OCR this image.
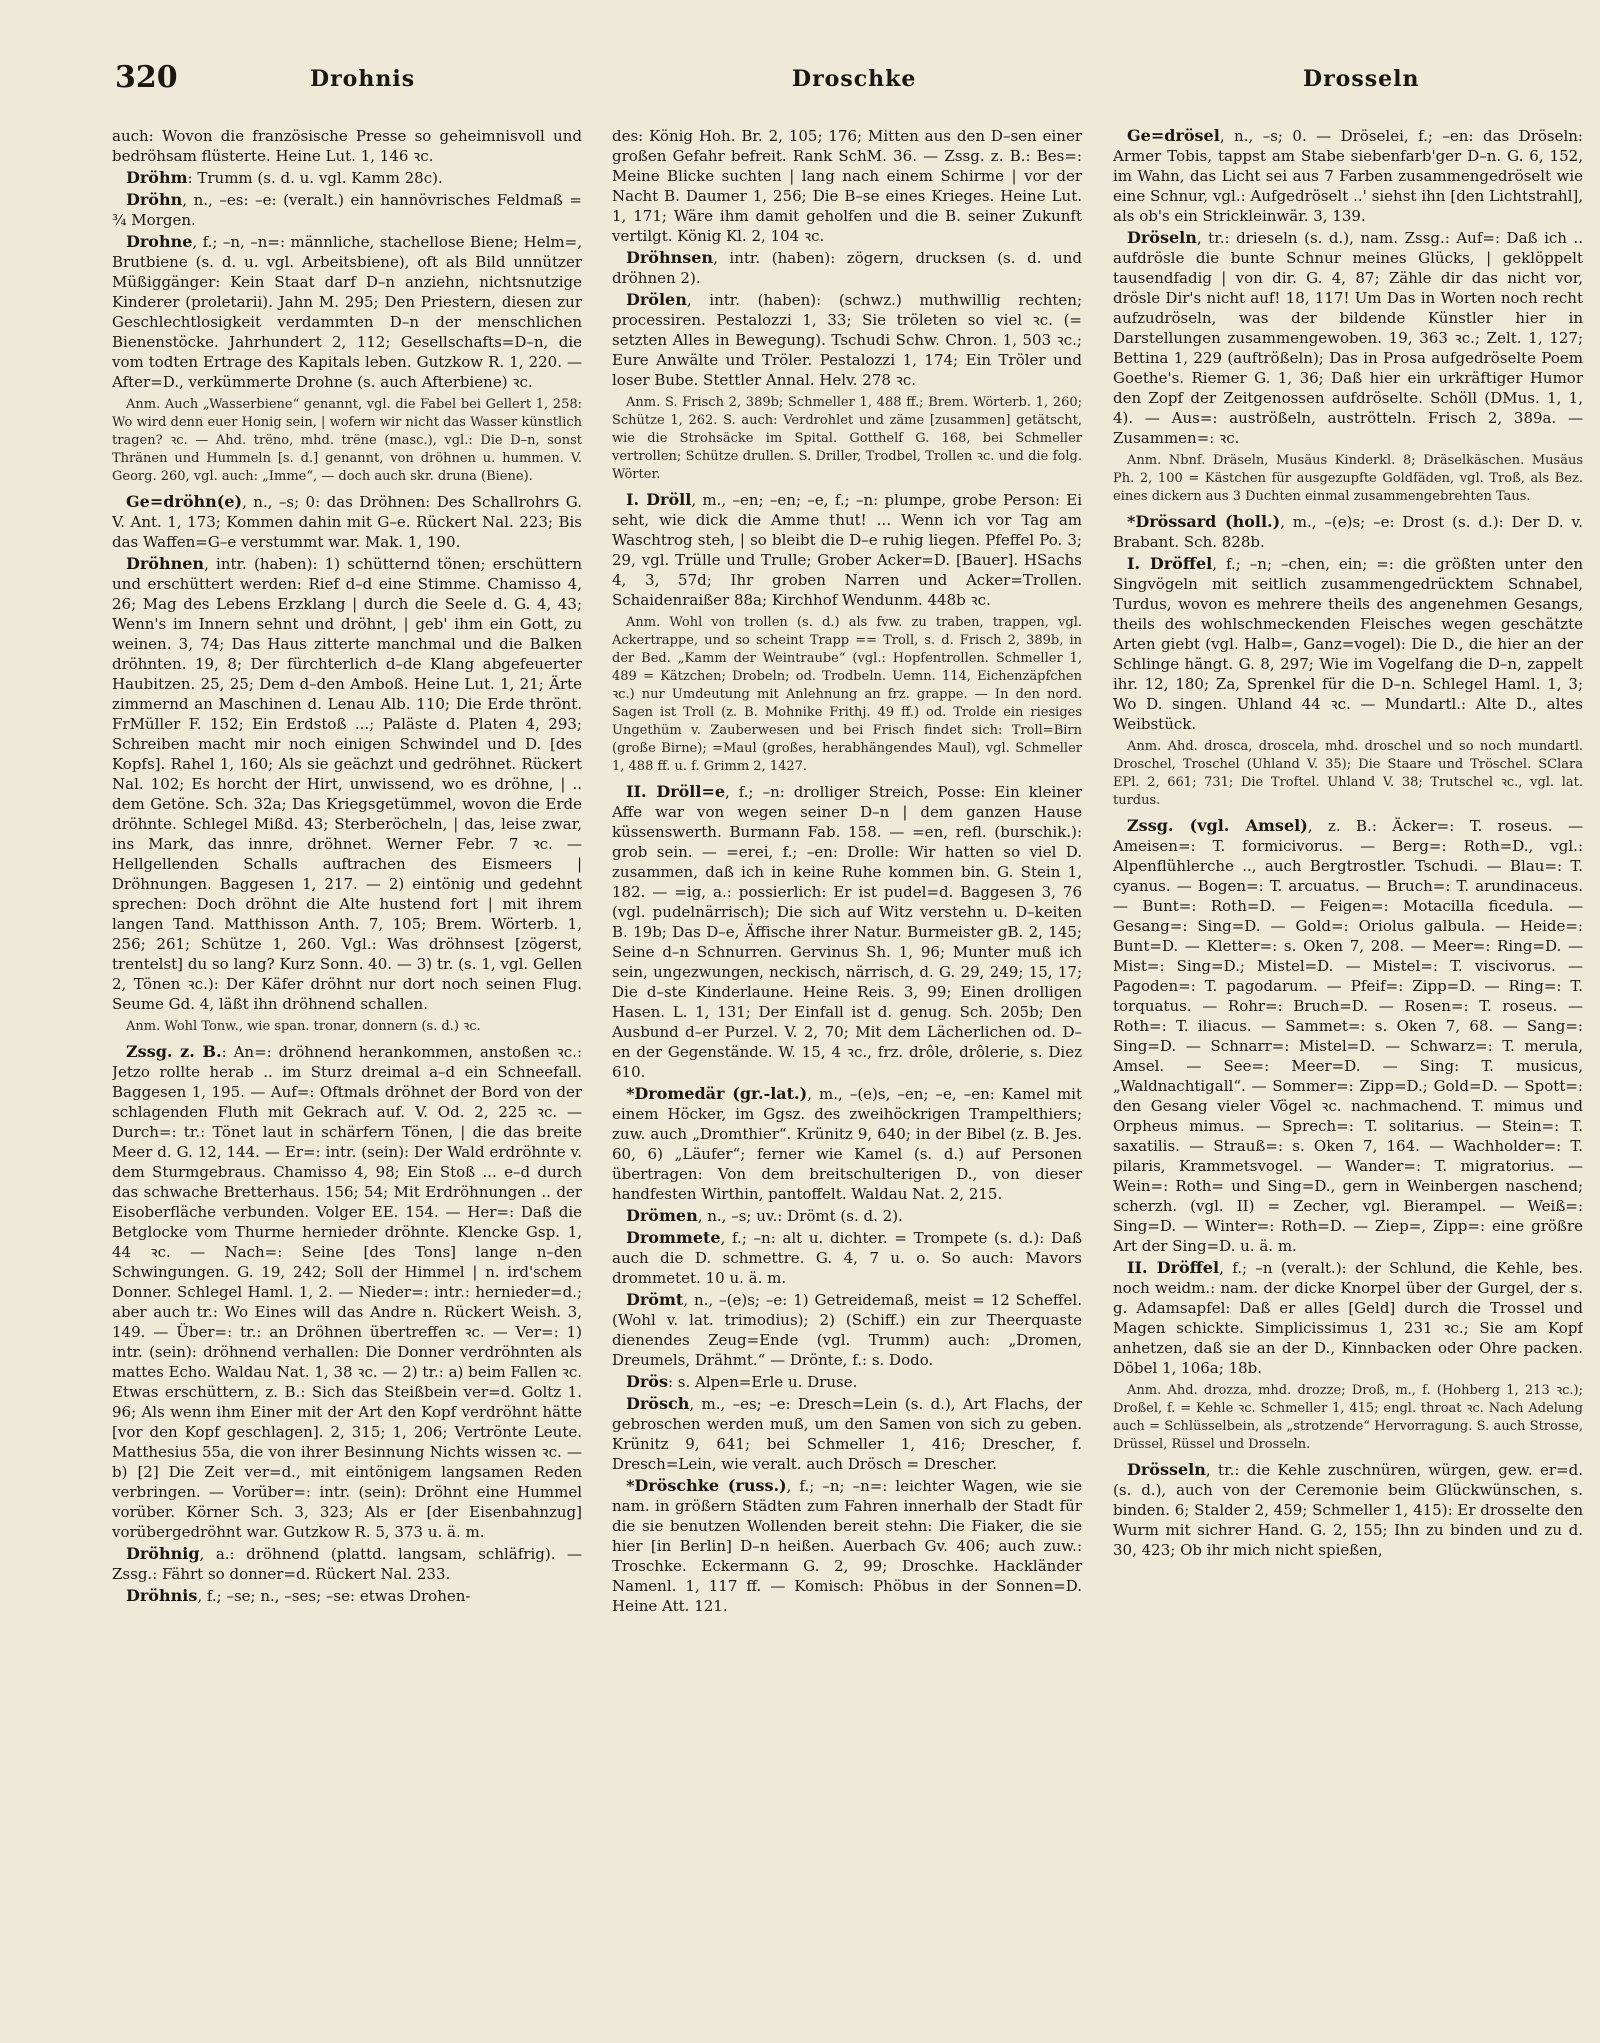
320	Drohnis	Droschke	Drosseln

auch: Wovon die französische Presse so geheimnisvoll und bedröhsam flüsterte. Heine Lut. 1, 146 ꝛc.

Dröhm: Trumm (s. d. u. vgl. Kamm 28c).

Dröhn, n., –es: –e: (veralt.) ein hannövrisches Feldmaß = ¾ Morgen.

Drohne, f.; –n, –n=: männliche, stachellose Biene; Helm=, Brutbiene (s. d. u. vgl. Arbeitsbiene), oft als Bild unnützer Müßiggänger: Kein Staat darf D–n anziehn, nichtsnutzige Kinderer (proletarii). Jahn M. 295; Den Priestern, diesen zur Geschlechtlosigkeit verdammten D–n der menschlichen Bienenstöcke. Jahrhundert 2, 112; Gesellschafts=D–n, die vom todten Ertrage des Kapitals leben. Gutzkow R. 1, 220. — After=D., verkümmerte Drohne (s. auch Afterbiene) ꝛc.

Anm. Auch „Wasserbiene“ genannt, vgl. die Fabel bei Gellert 1, 258: Wo wird denn euer Honig sein, | wofern wir nicht das Wasser künstlich tragen? ꝛc. — Ahd. trëno, mhd. trëne (masc.), vgl.: Die D–n, sonst Thränen und Hummeln [s. d.] genannt, von dröhnen u. hummen. V. Georg. 260, vgl. auch: „Imme“, — doch auch skr. druna (Biene).

Ge=dröhn(e), n., –s; 0: das Dröhnen: Des Schallrohrs G. V. Ant. 1, 173; Kommen dahin mit G–e. Rückert Nal. 223; Bis das Waffen=G–e verstummt war. Mak. 1, 190.

Dröhnen, intr. (haben): 1) schütternd tönen; erschüttern und erschüttert werden: Rief d–d eine Stimme. Chamisso 4, 26; Mag des Lebens Erzklang | durch die Seele d. G. 4, 43; Wenn's im Innern sehnt und dröhnt, | geb' ihm ein Gott, zu weinen. 3, 74; Das Haus zitterte manchmal und die Balken dröhnten. 19, 8; Der fürchterlich d–de Klang abgefeuerter Haubitzen. 25, 25; Dem d–den Amboß. Heine Lut. 1, 21; Ärte zimmernd an Maschinen d. Lenau Alb. 110; Die Erde thrönt. FrMüller F. 152; Ein Erdstoß ...; Paläste d. Platen 4, 293; Schreiben macht mir noch einigen Schwindel und D. [des Kopfs]. Rahel 1, 160; Als sie geächzt und gedröhnet. Rückert Nal. 102; Es horcht der Hirt, unwissend, wo es dröhne, | .. dem Getöne. Sch. 32a; Das Kriegsgetümmel, wovon die Erde dröhnte. Schlegel Mißd. 43; Sterberöcheln, | das, leise zwar, ins Mark, das innre, dröhnet. Werner Febr. 7 ꝛc. — Hellgellenden Schalls auftrachen des Eismeers | Dröhnungen. Baggesen 1, 217. — 2) eintönig und gedehnt sprechen: Doch dröhnt die Alte hustend fort | mit ihrem langen Tand. Matthisson Anth. 7, 105; Brem. Wörterb. 1, 256; 261; Schütze 1, 260. Vgl.: Was dröhnsest [zögerst, trentelst] du so lang? Kurz Sonn. 40. — 3) tr. (s. 1, vgl. Gellen 2, Tönen ꝛc.): Der Käfer dröhnt nur dort noch seinen Flug. Seume Gd. 4, läßt ihn dröhnend schallen.

Anm. Wohl Tonw., wie span. tronar, donnern (s. d.) ꝛc.

Zssg. z. B.: An=: dröhnend herankommen, anstoßen ꝛc.: Jetzo rollte herab .. im Sturz dreimal a–d ein Schneefall. Baggesen 1, 195. — Auf=: Oftmals dröhnet der Bord von der schlagenden Fluth mit Gekrach auf. V. Od. 2, 225 ꝛc. — Durch=: tr.: Tönet laut in schärfern Tönen, | die das breite Meer d. G. 12, 144. — Er=: intr. (sein): Der Wald erdröhnte v. dem Sturmgebraus. Chamisso 4, 98; Ein Stoß ... e–d durch das schwache Bretterhaus. 156; 54; Mit Erdröhnungen .. der Eisoberfläche verbunden. Volger EE. 154. — Her=: Daß die Betglocke vom Thurme hernieder dröhnte. Klencke Gsp. 1, 44 ꝛc. — Nach=: Seine [des Tons] lange n–den Schwingungen. G. 19, 242; Soll der Himmel | n. ird'schem Donner. Schlegel Haml. 1, 2. — Nieder=: intr.: hernieder=d.; aber auch tr.: Wo Eines will das Andre n. Rückert Weish. 3, 149. — Über=: tr.: an Dröhnen übertreffen ꝛc. — Ver=: 1) intr. (sein): dröhnend verhallen: Die Donner verdröhnten als mattes Echo. Waldau Nat. 1, 38 ꝛc. — 2) tr.: a) beim Fallen ꝛc. Etwas erschüttern, z. B.: Sich das Steißbein ver=d. Goltz 1. 96; Als wenn ihm Einer mit der Art den Kopf verdröhnt hätte [vor den Kopf geschlagen]. 2, 315; 1, 206; Vertrönte Leute. Matthesius 55a, die von ihrer Besinnung Nichts wissen ꝛc. — b) [2] Die Zeit ver=d., mit eintönigem langsamen Reden verbringen. — Vorüber=: intr. (sein): Dröhnt eine Hummel vorüber. Körner Sch. 3, 323; Als er [der Eisenbahnzug] vorübergedröhnt war. Gutzkow R. 5, 373 u. ä. m.

Dröhnig, a.: dröhnend (plattd. langsam, schläfrig). — Zssg.: Fährt so donner=d. Rückert Nal. 233.

Dröhnis, f.; –se; n., –ses; –se: etwas Drohen-

des: König Hoh. Br. 2, 105; 176; Mitten aus den D–sen einer großen Gefahr befreit. Rank SchM. 36. — Zssg. z. B.: Bes=: Meine Blicke suchten | lang nach einem Schirme | vor der Nacht B. Daumer 1, 256; Die B–se eines Krieges. Heine Lut. 1, 171; Wäre ihm damit geholfen und die B. seiner Zukunft vertilgt. König Kl. 2, 104 ꝛc.

Dröhnsen, intr. (haben): zögern, drucksen (s. d. und dröhnen 2).

Drölen, intr. (haben): (schwz.) muthwillig rechten; processiren. Pestalozzi 1, 33; Sie tröleten so viel ꝛc. (= setzten Alles in Bewegung). Tschudi Schw. Chron. 1, 503 ꝛc.; Eure Anwälte und Tröler. Pestalozzi 1, 174; Ein Tröler und loser Bube. Stettler Annal. Helv. 278 ꝛc.

Anm. S. Frisch 2, 389b; Schmeller 1, 488 ff.; Brem. Wörterb. 1, 260; Schütze 1, 262. S. auch: Verdrohlet und zäme [zusammen] getätscht, wie die Strohsäcke im Spital. Gotthelf G. 168, bei Schmeller vertrollen; Schütze drullen. S. Driller, Trodbel, Trollen ꝛc. und die folg. Wörter.

I. Dröll, m., –en; –en; –e, f.; –n: plumpe, grobe Person: Ei seht, wie dick die Amme thut! ... Wenn ich vor Tag am Waschtrog steh, | so bleibt die D–e ruhig liegen. Pfeffel Po. 3; 29, vgl. Trülle und Trulle; Grober Acker=D. [Bauer]. HSachs 4, 3, 57d; Ihr groben Narren und Acker=Trollen. Schaidenraißer 88a; Kirchhof Wendunm. 448b ꝛc.

Anm. Wohl von trollen (s. d.) als fvw. zu traben, trappen, vgl. Ackertrappe, und so scheint Trapp == Troll, s. d. Frisch 2, 389b, in der Bed. „Kamm der Weintraube“ (vgl.: Hopfentrollen. Schmeller 1, 489 = Kätzchen; Drobeln; od. Trodbeln. Uemn. 114, Eichenzäpfchen ꝛc.) nur Umdeutung mit Anlehnung an frz. grappe. — In den nord. Sagen ist Troll (z. B. Mohnike Frithj. 49 ff.) od. Trolde ein riesiges Ungethüm v. Zauberwesen und bei Frisch findet sich: Troll=Birn (große Birne); =Maul (großes, herabhängendes Maul), vgl. Schmeller 1, 488 ff. u. f. Grimm 2, 1427.

II. Dröll=e, f.; –n: drolliger Streich, Posse: Ein kleiner Affe war von wegen seiner D–n | dem ganzen Hause küssenswerth. Burmann Fab. 158. — =en, refl. (burschik.): grob sein. — =erei, f.; –en: Drolle: Wir hatten so viel D. zusammen, daß ich in keine Ruhe kommen bin. G. Stein 1, 182. — =ig, a.: possierlich: Er ist pudel=d. Baggesen 3, 76 (vgl. pudelnärrisch); Die sich auf Witz verstehn u. D–keiten B. 19b; Das D–e, Äffische ihrer Natur. Burmeister gB. 2, 145; Seine d–n Schnurren. Gervinus Sh. 1, 96; Munter muß ich sein, ungezwungen, neckisch, närrisch, d. G. 29, 249; 15, 17; Die d–ste Kinderlaune. Heine Reis. 3, 99; Einen drolligen Hasen. L. 1, 131; Der Einfall ist d. genug. Sch. 205b; Den Ausbund d–er Purzel. V. 2, 70; Mit dem Lächerlichen od. D–en der Gegenstände. W. 15, 4 ꝛc., frz. drôle, drôlerie, s. Diez 610.

*Dromedär (gr.-lat.), m., –(e)s, –en; –e, –en: Kamel mit einem Höcker, im Ggsz. des zweihöckrigen Trampelthiers; zuw. auch „Dromthier“. Krünitz 9, 640; in der Bibel (z. B. Jes. 60, 6) „Läufer“; ferner wie Kamel (s. d.) auf Personen übertragen: Von dem breitschulterigen D., von dieser handfesten Wirthin, pantoffelt. Waldau Nat. 2, 215.

Drömen, n., –s; uv.: Drömt (s. d. 2).

Drommete, f.; –n: alt u. dichter. = Trompete (s. d.): Daß auch die D. schmettre. G. 4, 7 u. o. So auch: Mavors drommetet. 10 u. ä. m.

Drömt, n., –(e)s; –e: 1) Getreidemaß, meist = 12 Scheffel. (Wohl v. lat. trimodius); 2) (Schiff.) ein zur Theerquaste dienendes Zeug=Ende (vgl. Trumm) auch: „Dromen, Dreumels, Drähmt.“ — Drönte, f.: s. Dodo.

Drös: s. Alpen=Erle u. Druse.

Drösch, m., –es; –e: Dresch=Lein (s. d.), Art Flachs, der gebroschen werden muß, um den Samen von sich zu geben. Krünitz 9, 641; bei Schmeller 1, 416; Drescher, f. Dresch=Lein, wie veralt. auch Drösch = Drescher.

*Dröschke (russ.), f.; –n; –n=: leichter Wagen, wie sie nam. in größern Städten zum Fahren innerhalb der Stadt für die sie benutzen Wollenden bereit stehn: Die Fiaker, die sie hier [in Berlin] D–n heißen. Auerbach Gv. 406; auch zuw.: Troschke. Eckermann G. 2, 99; Droschke. Hackländer Namenl. 1, 117 ff. — Komisch: Phöbus in der Sonnen=D. Heine Att. 121.

Ge=drösel, n., –s; 0. — Dröselei, f.; –en: das Dröseln: Armer Tobis, tappst am Stabe siebenfarb'ger D–n. G. 6, 152, im Wahn, das Licht sei aus 7 Farben zusammengedröselt wie eine Schnur, vgl.: Aufgedröselt ..' siehst ihn [den Lichtstrahl], als ob's ein Strickleinwär. 3, 139.

Dröseln, tr.: drieseln (s. d.), nam. Zssg.: Auf=: Daß ich .. aufdrösle die bunte Schnur meines Glücks, | geklöppelt tausendfadig | von dir. G. 4, 87; Zähle dir das nicht vor, drösle Dir's nicht auf! 18, 117! Um Das in Worten noch recht aufzudröseln, was der bildende Künstler hier in Darstellungen zusammengewoben. 19, 363 ꝛc.; Zelt. 1, 127; Bettina 1, 229 (auftrößeln); Das in Prosa aufgedröselte Poem Goethe's. Riemer G. 1, 36; Daß hier ein urkräftiger Humor den Zopf der Zeitgenossen aufdröselte. Schöll (DMus. 1, 1, 4). — Aus=: auströßeln, auströtteln. Frisch 2, 389a. — Zusammen=: ꝛc.

Anm. Nbnf. Dräseln, Musäus Kinderkl. 8; Dräselkäschen. Musäus Ph. 2, 100 = Kästchen für ausgezupfte Goldfäden, vgl. Troß, als Bez. eines dickern aus 3 Duchten einmal zusammengebrehten Taus.

*Drössard (holl.), m., –(e)s; –e: Drost (s. d.): Der D. v. Brabant. Sch. 828b.

I. Dröffel, f.; –n; –chen, ein; =: die größten unter den Singvögeln mit seitlich zusammengedrücktem Schnabel, Turdus, wovon es mehrere theils des angenehmen Gesangs, theils des wohlschmeckenden Fleisches wegen geschätzte Arten giebt (vgl. Halb=, Ganz=vogel): Die D., die hier an der Schlinge hängt. G. 8, 297; Wie im Vogelfang die D–n, zappelt ihr. 12, 180; Za, Sprenkel für die D–n. Schlegel Haml. 1, 3; Wo D. singen. Uhland 44 ꝛc. — Mundartl.: Alte D., altes Weibstück.

Anm. Ahd. drosca, droscela, mhd. droschel und so noch mundartl. Droschel, Troschel (Uhland V. 35); Die Staare und Tröschel. SClara EPl. 2, 661; 731; Die Troftel. Uhland V. 38; Trutschel ꝛc., vgl. lat. turdus.

Zssg. (vgl. Amsel), z. B.: Äcker=: T. roseus. — Ameisen=: T. formicivorus. — Berg=: Roth=D., vgl.: Alpenflühlerche .., auch Bergtrostler. Tschudi. — Blau=: T. cyanus. — Bogen=: T. arcuatus. — Bruch=: T. arundinaceus. — Bunt=: Roth=D. — Feigen=: Motacilla ficedula. — Gesang=: Sing=D. — Gold=: Oriolus galbula. — Heide=: Bunt=D. — Kletter=: s. Oken 7, 208. — Meer=: Ring=D. — Mist=: Sing=D.; Mistel=D. — Mistel=: T. viscivorus. — Pagoden=: T. pagodarum. — Pfeif=: Zipp=D. — Ring=: T. torquatus. — Rohr=: Bruch=D. — Rosen=: T. roseus. — Roth=: T. iliacus. — Sammet=: s. Oken 7, 68. — Sang=: Sing=D. — Schnarr=: Mistel=D. — Schwarz=: T. merula, Amsel. — See=: Meer=D. — Sing: T. musicus, „Waldnachtigall“. — Sommer=: Zipp=D.; Gold=D. — Spott=: den Gesang vieler Vögel ꝛc. nachmachend. T. mimus und Orpheus mimus. — Sprech=: T. solitarius. — Stein=: T. saxatilis. — Strauß=: s. Oken 7, 164. — Wachholder=: T. pilaris, Krammetsvogel. — Wander=: T. migratorius. — Wein=: Roth= und Sing=D., gern in Weinbergen naschend; scherzh. (vgl. II) = Zecher, vgl. Bierampel. — Weiß=: Sing=D. — Winter=: Roth=D. — Ziep=, Zipp=: eine größre Art der Sing=D. u. ä. m.

II. Dröffel, f.; –n (veralt.): der Schlund, die Kehle, bes. noch weidm.: nam. der dicke Knorpel über der Gurgel, der s. g. Adamsapfel: Daß er alles [Geld] durch die Trossel und Magen schickte. Simplicissimus 1, 231 ꝛc.; Sie am Kopf anhetzen, daß sie an der D., Kinnbacken oder Ohre packen. Döbel 1, 106a; 18b.

Anm. Ahd. drozza, mhd. drozze; Droß, m., f. (Hohberg 1, 213 ꝛc.); Droßel, f. = Kehle ꝛc. Schmeller 1, 415; engl. throat ꝛc. Nach Adelung auch = Schlüsselbein, als „strotzende“ Hervorragung. S. auch Strosse, Drüssel, Rüssel und Drosseln.

Drösseln, tr.: die Kehle zuschnüren, würgen, gew. er=d. (s. d.), auch von der Ceremonie beim Glückwünschen, s. binden. 6; Stalder 2, 459; Schmeller 1, 415): Er drosselte den Wurm mit sichrer Hand. G. 2, 155; Ihn zu binden und zu d. 30, 423; Ob ihr mich nicht spießen,
